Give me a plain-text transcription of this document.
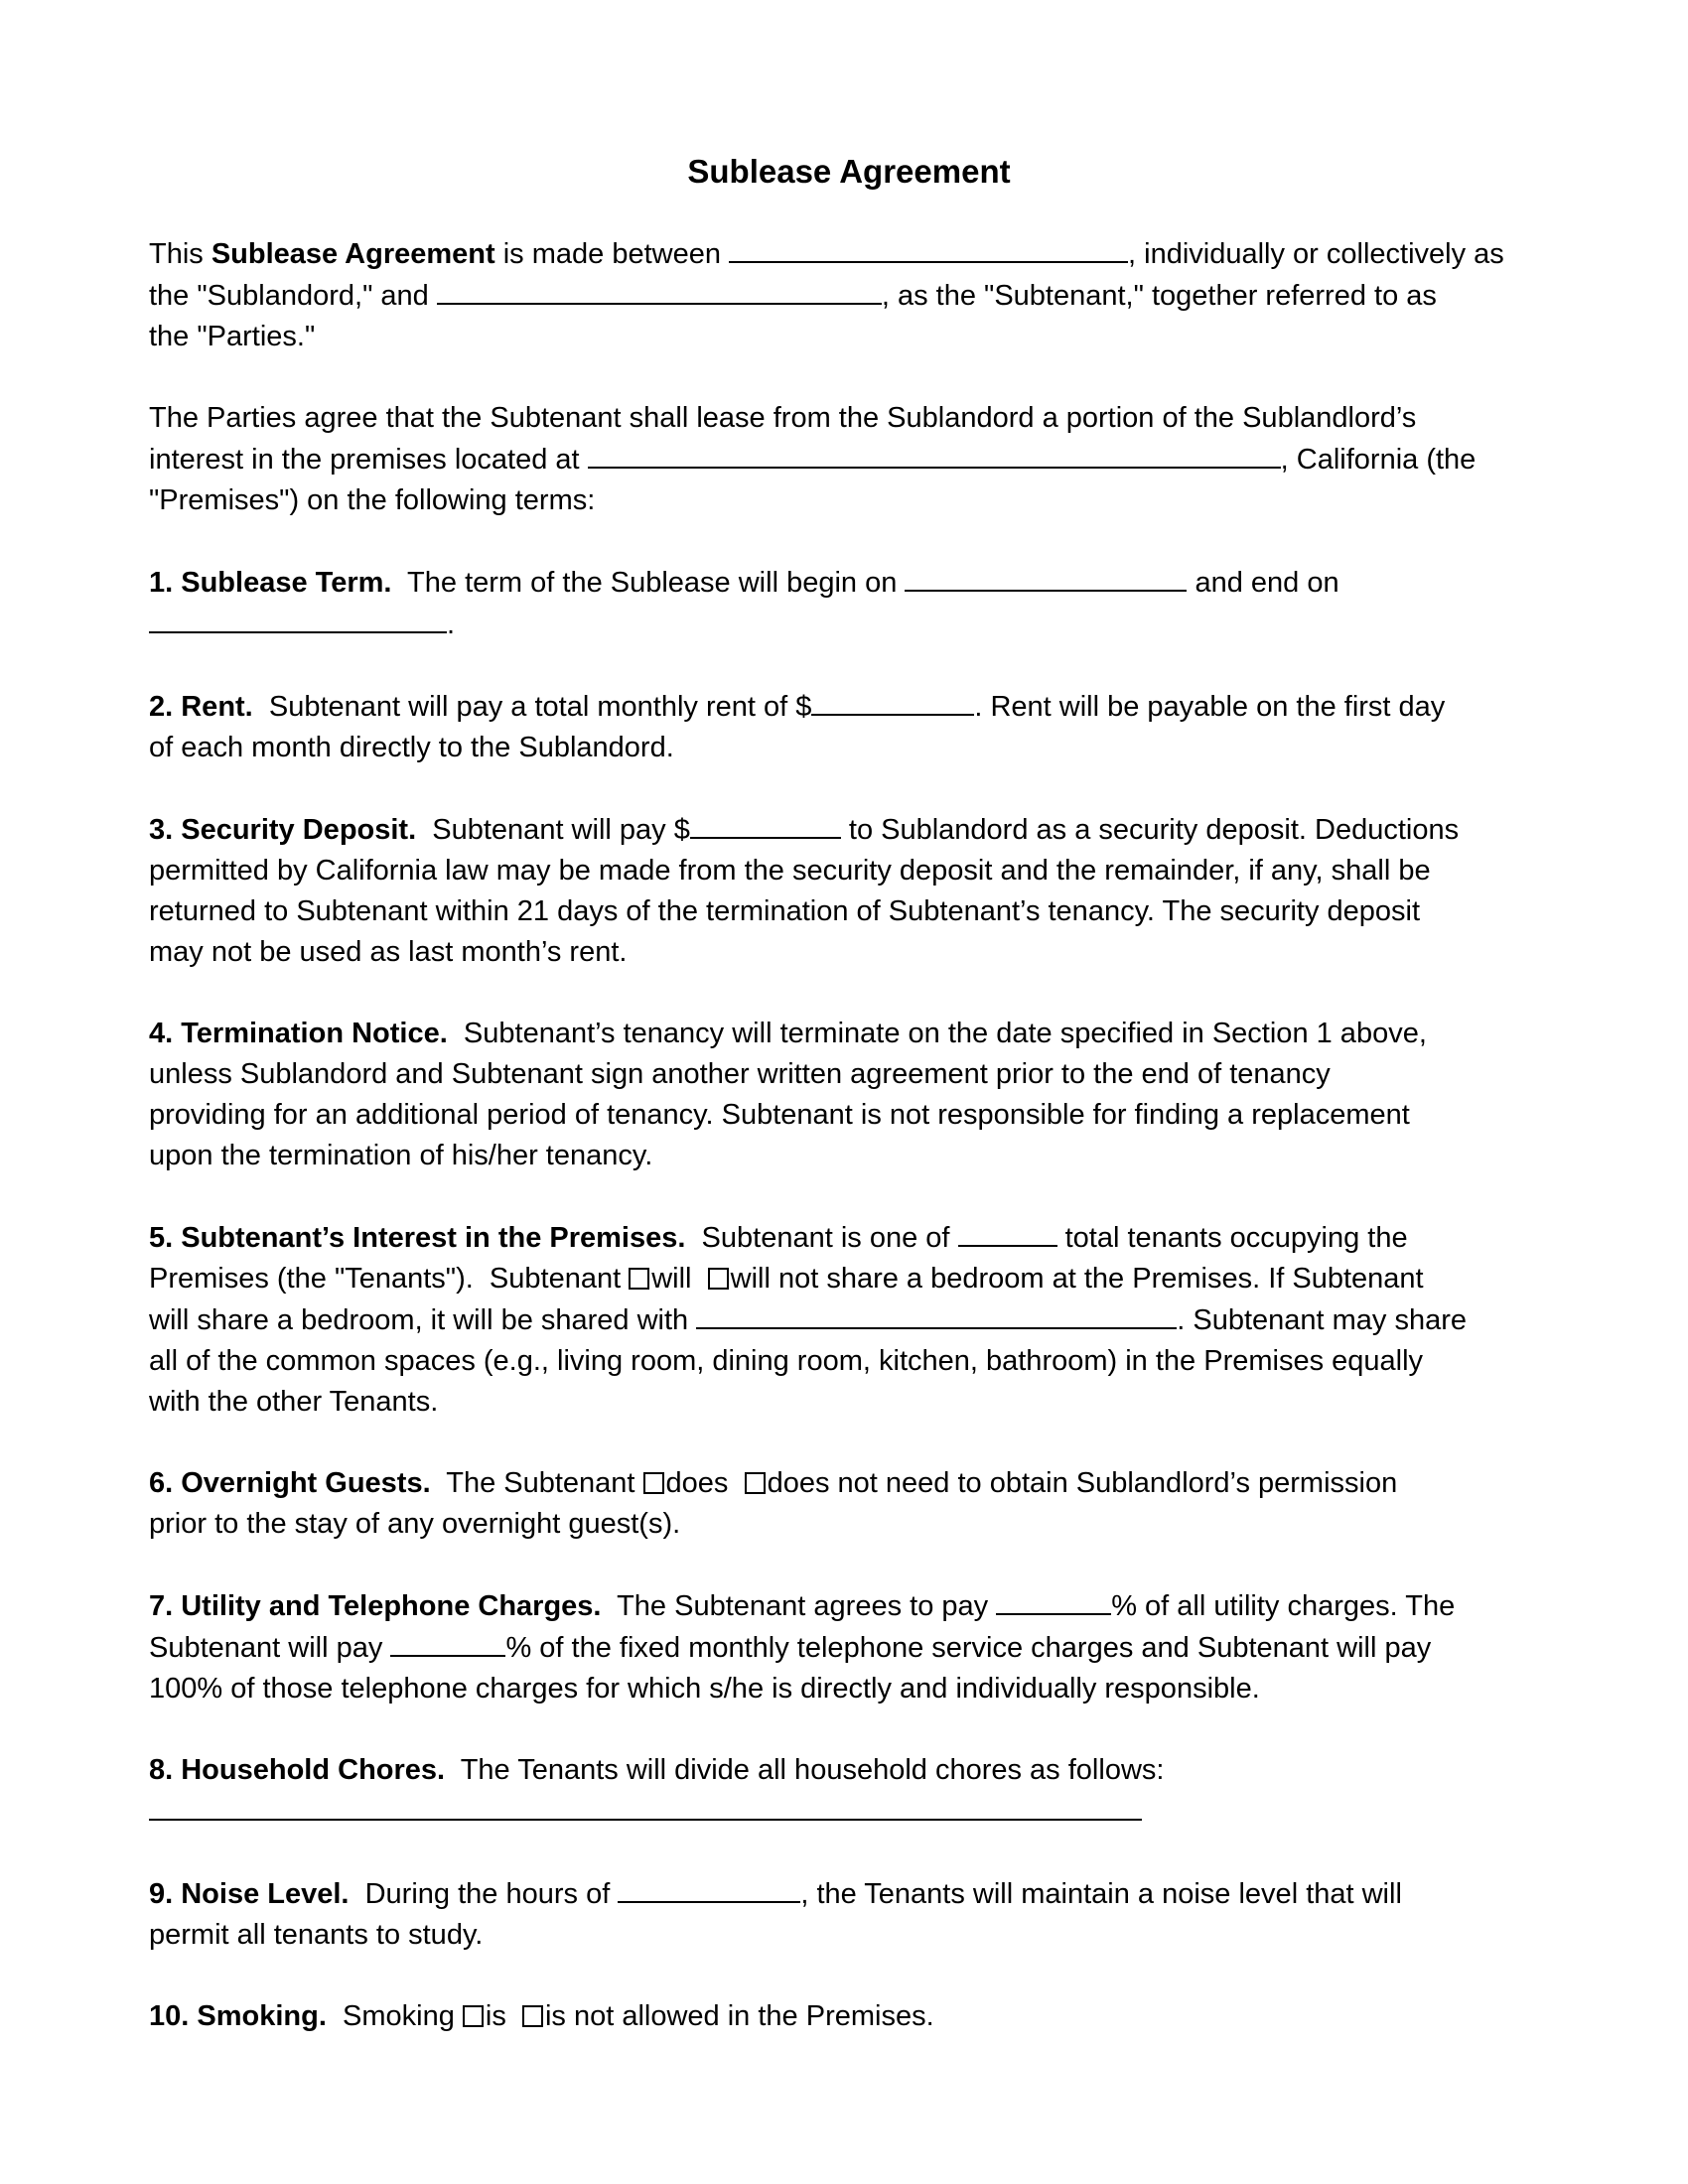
Sublease Agreement

This Sublease Agreement is made between	, individually or collectively as
the "Sublandord," and	, as the "Subtenant," together referred to as
the "Parties."

The Parties agree that the Subtenant shall lease from the Sublandord a portion of the Sublandlord’s
interest in the premises located at	, California (the
"Premises") on the following terms:

1. Sublease Term.  The term of the Sublease will begin on	and end on
.

2. Rent.  Subtenant will pay a total monthly rent of $	. Rent will be payable on the first day
of each month directly to the Sublandord.

3. Security Deposit.  Subtenant will pay $	to Sublandord as a security deposit. Deductions
permitted by California law may be made from the security deposit and the remainder, if any, shall be
returned to Subtenant within 21 days of the termination of Subtenant’s tenancy. The security deposit
may not be used as last month’s rent.

4. Termination Notice.  Subtenant’s tenancy will terminate on the date specified in Section 1 above,
unless Sublandord and Subtenant sign another written agreement prior to the end of tenancy
providing for an additional period of tenancy. Subtenant is not responsible for finding a replacement
upon the termination of his/her tenancy.

5. Subtenant’s Interest in the Premises.  Subtenant is one of	total tenants occupying the
Premises (the "Tenants").  Subtenant will will not share a bedroom at the Premises. If Subtenant
will share a bedroom, it will be shared with	. Subtenant may share
all of the common spaces (e.g., living room, dining room, kitchen, bathroom) in the Premises equally
with the other Tenants.

6. Overnight Guests.  The Subtenant does does not need to obtain Sublandlord’s permission
prior to the stay of any overnight guest(s).

7. Utility and Telephone Charges.  The Subtenant agrees to pay	% of all utility charges. The
Subtenant will pay	% of the fixed monthly telephone service charges and Subtenant will pay
100% of those telephone charges for which s/he is directly and individually responsible.

8. Household Chores.  The Tenants will divide all household chores as follows:

9. Noise Level.  During the hours of	, the Tenants will maintain a noise level that will
permit all tenants to study.

10. Smoking.  Smoking is is not allowed in the Premises.
